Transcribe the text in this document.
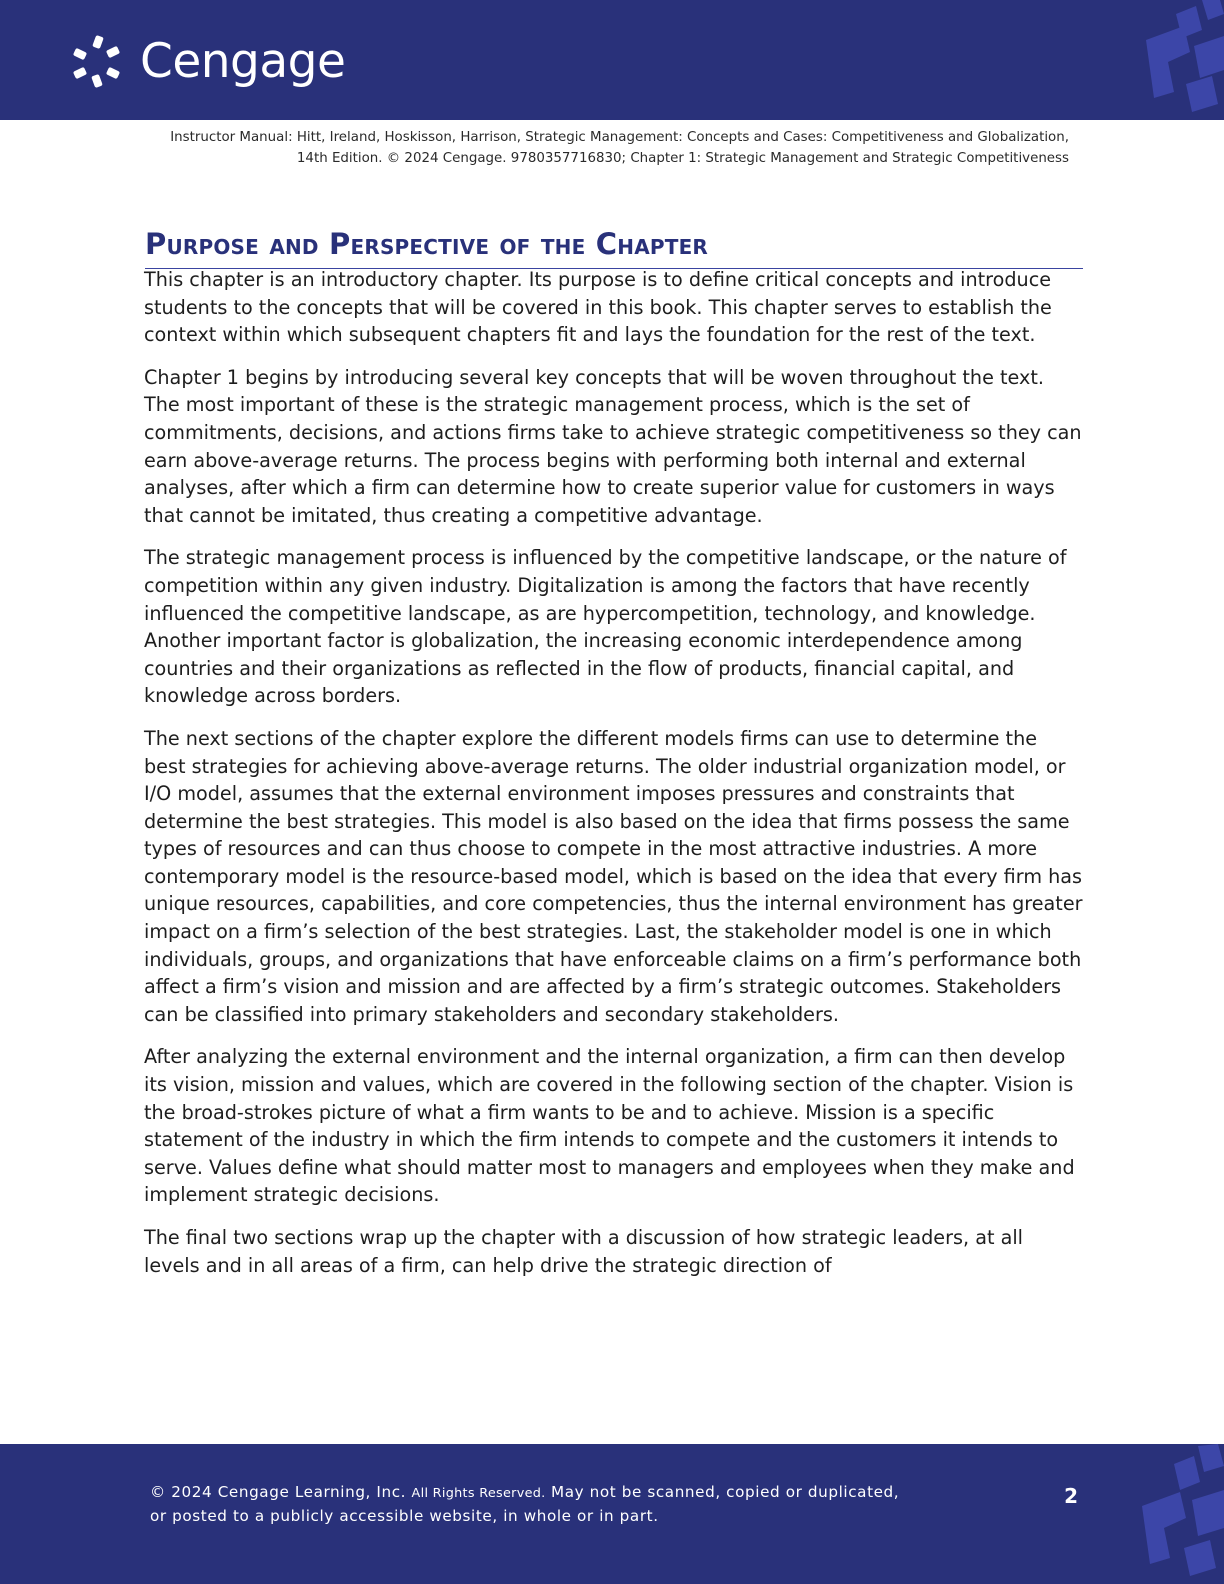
Cengage
Instructor Manual: Hitt, Ireland, Hoskisson, Harrison, Strategic Management: Concepts and Cases: Competitiveness and Globalization, 14th Edition. © 2024 Cengage. 9780357716830; Chapter 1: Strategic Management and Strategic Competitiveness
Purpose and Perspective of the Chapter

This chapter is an introductory chapter. Its purpose is to define critical concepts and introduce students to the concepts that will be covered in this book. This chapter serves to establish the context within which subsequent chapters fit and lays the foundation for the rest of the text.

Chapter 1 begins by introducing several key concepts that will be woven throughout the text. The most important of these is the strategic management process, which is the set of commitments, decisions, and actions firms take to achieve strategic competitiveness so they can earn above-average returns. The process begins with performing both internal and external analyses, after which a firm can determine how to create superior value for customers in ways that cannot be imitated, thus creating a competitive advantage.

The strategic management process is influenced by the competitive landscape, or the nature of competition within any given industry. Digitalization is among the factors that have recently influenced the competitive landscape, as are hypercompetition, technology, and knowledge. Another important factor is globalization, the increasing economic interdependence among countries and their organizations as reflected in the flow of products, financial capital, and knowledge across borders.

The next sections of the chapter explore the different models firms can use to determine the best strategies for achieving above-average returns. The older industrial organization model, or I/O model, assumes that the external environment imposes pressures and constraints that determine the best strategies. This model is also based on the idea that firms possess the same types of resources and can thus choose to compete in the most attractive industries. A more contemporary model is the resource-based model, which is based on the idea that every firm has unique resources, capabilities, and core competencies, thus the internal environment has greater impact on a firm’s selection of the best strategies. Last, the stakeholder model is one in which individuals, groups, and organizations that have enforceable claims on a firm’s performance both affect a firm’s vision and mission and are affected by a firm’s strategic outcomes. Stakeholders can be classified into primary stakeholders and secondary stakeholders.

After analyzing the external environment and the internal organization, a firm can then develop its vision, mission and values, which are covered in the following section of the chapter. Vision is the broad-strokes picture of what a firm wants to be and to achieve. Mission is a specific statement of the industry in which the firm intends to compete and the customers it intends to serve. Values define what should matter most to managers and employees when they make and implement strategic decisions.

The final two sections wrap up the chapter with a discussion of how strategic leaders, at all levels and in all areas of a firm, can help drive the strategic direction of

© 2024 Cengage Learning, Inc. All Rights Reserved. May not be scanned, copied or duplicated, or posted to a publicly accessible website, in whole or in part.
2
